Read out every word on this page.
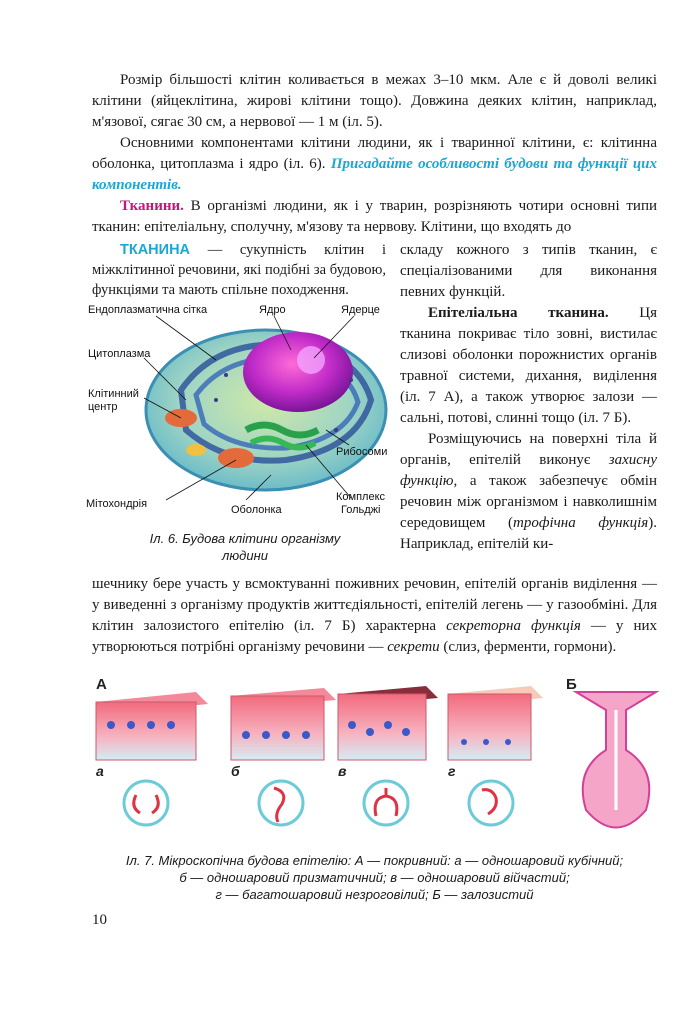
Розмір більшості клітин коливається в межах 3–10 мкм. Але є й доволі великі клітини (яйцеклітина, жирові клітини тощо). Довжина деяких клітин, наприклад, м'язової, сягає 30 см, а нервової — 1 м (іл. 5).

Основними компонентами клітини людини, як і тваринної клітини, є: клітинна оболонка, цитоплазма і ядро (іл. 6). Пригадайте особливості будови та функції цих компонентів.

Тканини. В організмі людини, як і у тварин, розрізняють чотири основні типи тканин: епітеліальну, сполучну, м'язову та нервову. Клітини, що входять до

ТКАНИНА — сукупність клітин і міжклітинної речовини, які подібні за будовою, функціями та мають спільне походження.

складу кожного з типів тканин, є спеціалізованими для виконання певних функцій.

Епітеліальна тканина. Ця тканина покриває тіло зовні, вистилає слизові оболонки порожнистих органів травної системи, дихання, виділення (іл. 7 А), а також утворює залози — сальні, потові, слинні тощо (іл. 7 Б).

Розміщуючись на поверхні тіла й органів, епітелій виконує захисну функцію, а також забезпечує обмін речовин між організмом і навколишнім середовищем (трофічна функція). Наприклад, епітелій ки-

шечнику бере участь у всмоктуванні поживних речовин, епітелій органів виділення — у виведенні з організму продуктів життєдіяльності, епітелій легень — у газообміні. Для клітин залозистого епітелію (іл. 7 Б) характерна секреторна функція — у них утворюються потрібні організму речовини — секрети (слиз, ферменти, гормони).

Ендоплазматична сітка	Ядро	Ядерце
Цитоплазма
Клітинний
центр
Рибосоми
Мітохондрія	Оболонка
Комплекс
Гольджі
Іл. 6. Будова клітини організму
людини
А	Б
а	б	в	г
Іл. 7. Мікроскопічна будова епітелію: А — покривний: а — одношаровий кубічний;
б — одношаровий призматичний; в — одношаровий війчастий;
г — багатошаровий незроговілий; Б — залозистий
10
